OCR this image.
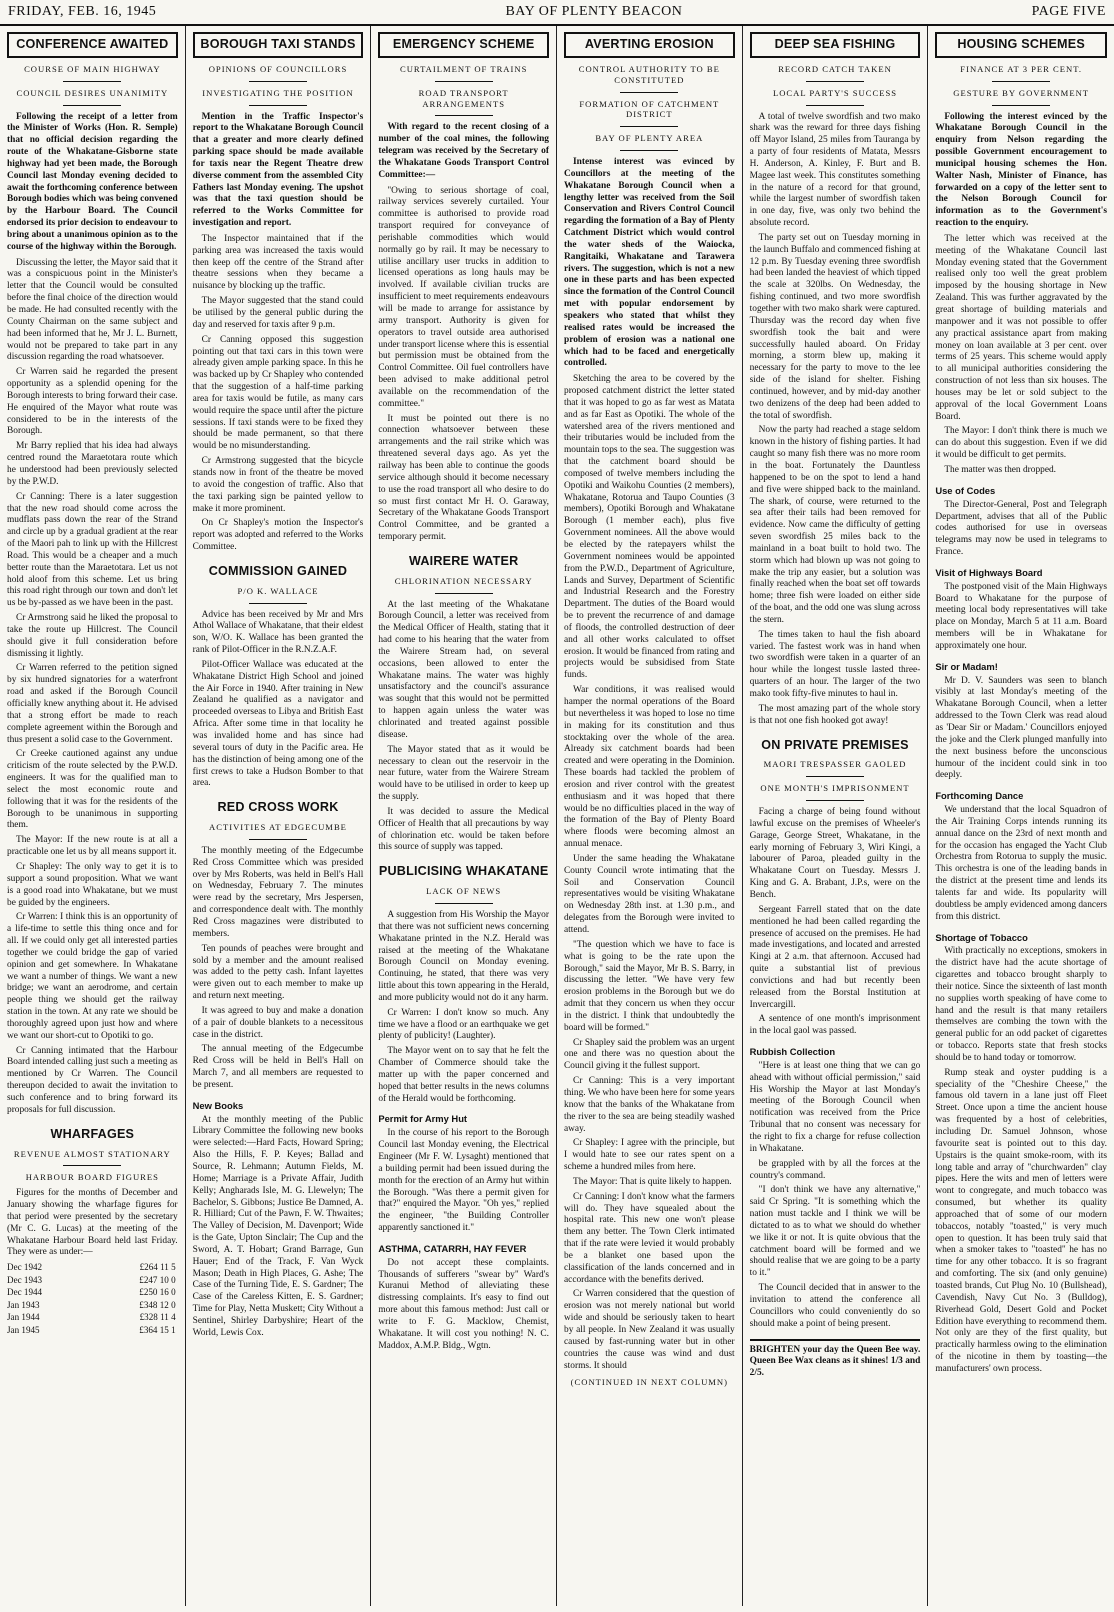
FRIDAY, FEB. 16, 1945	BAY OF PLENTY BEACON	PAGE FIVE
CONFERENCE AWAITED
COURSE OF MAIN HIGHWAY
COUNCIL DESIRES UNANIMITY

Following the receipt of a letter from the Minister of Works (Hon. R. Semple) that no official decision regarding the route of the Whakatane-Gisborne state highway had yet been made, the Borough Council last Monday evening decided to await the forthcoming conference between Borough bodies which was being convened by the Harbour Board. The Council endorsed its prior decision to endeavour to bring about a unanimous opinion as to the course of the highway within the Borough.

Discussing the letter, the Mayor said that it was a conspicuous point in the Minister's letter that the Council would be consulted before the final choice of the direction would be made. He had consulted recently with the County Chairman on the same subject and had been informed that he, Mr J. L. Burnett, would not be prepared to take part in any discussion regarding the road whatsoever.

Cr Warren said he regarded the present opportunity as a splendid opening for the Borough interests to bring forward their case. He enquired of the Mayor what route was considered to be in the interests of the Borough.

Mr Barry replied that his idea had always centred round the Maraetotara route which he understood had been previously selected by the P.W.D.

Cr Canning: There is a later suggestion that the new road should come across the mudflats pass down the rear of the Strand and circle up by a gradual gradient at the rear of the Maori pah to link up with the Hillcrest Road. This would be a cheaper and a much better route than the Maraetotara. Let us not hold aloof from this scheme. Let us bring this road right through our town and don't let us be by-passed as we have been in the past.

Cr Armstrong said he liked the proposal to take the route up Hillcrest. The Council should give it full consideration before dismissing it lightly.

Cr Warren referred to the petition signed by six hundred signatories for a waterfront road and asked if the Borough Council officially knew anything about it. He advised that a strong effort be made to reach complete agreement within the Borough and thus present a solid case to the Government.

Cr Creeke cautioned against any undue criticism of the route selected by the P.W.D. engineers. It was for the qualified man to select the most economic route and following that it was for the residents of the Borough to be unanimous in supporting them.

The Mayor: If the new route is at all a practicable one let us by all means support it.

Cr Shapley: The only way to get it is to support a sound proposition. What we want is a good road into Whakatane, but we must be guided by the engineers.

Cr Warren: I think this is an opportunity of a life-time to settle this thing once and for all. If we could only get all interested parties together we could bridge the gap of varied opinion and get somewhere. In Whakatane we want a number of things. We want a new bridge; we want an aerodrome, and certain people thing we should get the railway station in the town. At any rate we should be thoroughly agreed upon just how and where we want our short-cut to Opotiki to go.

Cr Canning intimated that the Harbour Board intended calling just such a meeting as mentioned by Cr Warren. The Council thereupon decided to await the invitation to such conference and to bring forward its proposals for full discussion.

WHARFAGES
REVENUE ALMOST STATIONARY
HARBOUR BOARD FIGURES

Figures for the months of December and January showing the wharfage figures for that period were presented by the secretary (Mr C. G. Lucas) at the meeting of the Whakatane Harbour Board held last Friday. They were as under:—

Dec 1942	£264 11 5
Dec 1943	£247 10 0
Dec 1944	£250 16 0
Jan 1943	£348 12 0
Jan 1944	£328 11 4
Jan 1945	£364 15 1
BOROUGH TAXI STANDS
OPINIONS OF COUNCILLORS
INVESTIGATING THE POSITION

Mention in the Traffic Inspector's report to the Whakatane Borough Council that a greater and more clearly defined parking space should be made available for taxis near the Regent Theatre drew diverse comment from the assembled City Fathers last Monday evening. The upshot was that the taxi question should be referred to the Works Committee for investigation and report.

The Inspector maintained that if the parking area was increased the taxis would then keep off the centre of the Strand after theatre sessions when they became a nuisance by blocking up the traffic.

The Mayor suggested that the stand could be utilised by the general public during the day and reserved for taxis after 9 p.m.

Cr Canning opposed this suggestion pointing out that taxi cars in this town were already given ample parking space. In this he was backed up by Cr Shapley who contended that the suggestion of a half-time parking area for taxis would be futile, as many cars would require the space until after the picture sessions. If taxi stands were to be fixed they should be made permanent, so that there would be no misunderstanding.

Cr Armstrong suggested that the bicycle stands now in front of the theatre be moved to avoid the congestion of traffic. Also that the taxi parking sign be painted yellow to make it more prominent.

On Cr Shapley's motion the Inspector's report was adopted and referred to the Works Committee.

COMMISSION GAINED
P/O K. WALLACE

Advice has been received by Mr and Mrs Athol Wallace of Whakatane, that their eldest son, W/O. K. Wallace has been granted the rank of Pilot-Officer in the R.N.Z.A.F.

Pilot-Officer Wallace was educated at the Whakatane District High School and joined the Air Force in 1940. After training in New Zealand he qualified as a navigator and proceeded overseas to Libya and British East Africa. After some time in that locality he was invalided home and has since had several tours of duty in the Pacific area. He has the distinction of being among one of the first crews to take a Hudson Bomber to that area.

RED CROSS WORK
ACTIVITIES AT EDGECUMBE

The monthly meeting of the Edgecumbe Red Cross Committee which was presided over by Mrs Roberts, was held in Bell's Hall on Wednesday, February 7. The minutes were read by the secretary, Mrs Jespersen, and correspondence dealt with. The monthly Red Cross magazines were distributed to members.

Ten pounds of peaches were brought and sold by a member and the amount realised was added to the petty cash. Infant layettes were given out to each member to make up and return next meeting.

It was agreed to buy and make a donation of a pair of double blankets to a necessitous case in the district.

The annual meeting of the Edgecumbe Red Cross will be held in Bell's Hall on March 7, and all members are requested to be present.

New Books

At the monthly meeting of the Public Library Committee the following new books were selected:—Hard Facts, Howard Spring; Also the Hills, F. P. Keyes; Ballad and Source, R. Lehmann; Autumn Fields, M. Home; Marriage is a Private Affair, Judith Kelly; Angharads Isle, M. G. Llewelyn; The Bachelor, S. Gibbons; Justice Be Damned, A. R. Hilliard; Cut of the Pawn, F. W. Thwaites; The Valley of Decision, M. Davenport; Wide is the Gate, Upton Sinclair; The Cup and the Sword, A. T. Hobart; Grand Barrage, Gun Hauer; End of the Track, F. Van Wyck Mason; Death in High Places, G. Ashe; The Case of the Turning Tide, E. S. Gardner; The Case of the Careless Kitten, E. S. Gardner; Time for Play, Netta Muskett; City Without a Sentinel, Shirley Darbyshire; Heart of the World, Lewis Cox.

EMERGENCY SCHEME
CURTAILMENT OF TRAINS
ROAD TRANSPORT ARRANGEMENTS

With regard to the recent closing of a number of the coal mines, the following telegram was received by the Secretary of the Whakatane Goods Transport Control Committee:—

"Owing to serious shortage of coal, railway services severely curtailed. Your committee is authorised to provide road transport required for conveyance of perishable commodities which would normally go by rail. It may be necessary to utilise ancillary user trucks in addition to licensed operations as long hauls may be involved. If available civilian trucks are insufficient to meet requirements endeavours will be made to arrange for assistance by army transport. Authority is given for operators to travel outside area authorised under transport license where this is essential but permission must be obtained from the Control Committee. Oil fuel controllers have been advised to make additional petrol available on the recommendation of the committee."

It must be pointed out there is no connection whatsoever between these arrangements and the rail strike which was threatened several days ago. As yet the railway has been able to continue the goods service although should it become necessary to use the road transport all who desire to do so must first contact Mr H. O. Garaway, Secretary of the Whakatane Goods Transport Control Committee, and be granted a temporary permit.

WAIRERE WATER
CHLORINATION NECESSARY

At the last meeting of the Whakatane Borough Council, a letter was received from the Medical Officer of Health, stating that it had come to his hearing that the water from the Wairere Stream had, on several occasions, been allowed to enter the Whakatane mains. The water was highly unsatisfactory and the council's assurance was sought that this would not be permitted to happen again unless the water was chlorinated and treated against possible disease.

The Mayor stated that as it would be necessary to clean out the reservoir in the near future, water from the Wairere Stream would have to be utilised in order to keep up the supply.

It was decided to assure the Medical Officer of Health that all precautions by way of chlorination etc. would be taken before this source of supply was tapped.

PUBLICISING WHAKATANE
LACK OF NEWS

A suggestion from His Worship the Mayor that there was not sufficient news concerning Whakatane printed in the N.Z. Herald was raised at the meeting of the Whakatane Borough Council on Monday evening. Continuing, he stated, that there was very little about this town appearing in the Herald, and more publicity would not do it any harm.

Cr Warren: I don't know so much. Any time we have a flood or an earthquake we get plenty of publicity! (Laughter).

The Mayor went on to say that he felt the Chamber of Commerce should take the matter up with the paper concerned and hoped that better results in the news columns of the Herald would be forthcoming.

Permit for Army Hut

In the course of his report to the Borough Council last Monday evening, the Electrical Engineer (Mr F. W. Lysaght) mentioned that a building permit had been issued during the month for the erection of an Army hut within the Borough. "Was there a permit given for that?" enquired the Mayor. "Oh yes," replied the engineer, "the Building Controller apparently sanctioned it."

ASTHMA, CATARRH, HAY FEVER

Do not accept these complaints. Thousands of sufferers "swear by" Ward's Kuranui Method of alleviating these distressing complaints. It's easy to find out more about this famous method: Just call or write to F. G. Macklow, Chemist, Whakatane. It will cost you nothing! N. C. Maddox, A.M.P. Bldg., Wgtn.

AVERTING EROSION
CONTROL AUTHORITY TO BE CONSTITUTED
FORMATION OF CATCHMENT DISTRICT
BAY OF PLENTY AREA

Intense interest was evinced by Councillors at the meeting of the Whakatane Borough Council when a lengthy letter was received from the Soil Conservation and Rivers Control Council regarding the formation of a Bay of Plenty Catchment District which would control the water sheds of the Waiocka, Rangitaiki, Whakatane and Tarawera rivers. The suggestion, which is not a new one in these parts and has been expected since the formation of the Control Council met with popular endorsement by speakers who stated that whilst they realised rates would be increased the problem of erosion was a national one which had to be faced and energetically controlled.

Sketching the area to be covered by the proposed catchment district the letter stated that it was hoped to go as far west as Matata and as far East as Opotiki. The whole of the watershed area of the rivers mentioned and their tributaries would be included from the mountain tops to the sea. The suggestion was that the catchment board should be composed of twelve members including the Opotiki and Waikohu Counties (2 members), Whakatane, Rotorua and Taupo Counties (3 members), Opotiki Borough and Whakatane Borough (1 member each), plus five Government nominees. All the above would be elected by the ratepayers whilst the Government nominees would be appointed from the P.W.D., Department of Agriculture, Lands and Survey, Department of Scientific and Industrial Research and the Forestry Department. The duties of the Board would be to prevent the recurrence of and damage of floods, the controlled destruction of deer and all other works calculated to offset erosion. It would be financed from rating and projects would be subsidised from State funds.

War conditions, it was realised would hamper the normal operations of the Board but nevertheless it was hoped to lose no time in making for its constitution and thus stocktaking over the whole of the area. Already six catchment boards had been created and were operating in the Dominion. These boards had tackled the problem of erosion and river control with the greatest enthusiasm and it was hoped that there would be no difficulties placed in the way of the formation of the Bay of Plenty Board where floods were becoming almost an annual menace.

Under the same heading the Whakatane County Council wrote intimating that the Soil and Conservation Council representatives would be visiting Whakatane on Wednesday 28th inst. at 1.30 p.m., and delegates from the Borough were invited to attend.

"The question which we have to face is what is going to be the rate upon the Borough," said the Mayor, Mr B. S. Barry, in discussing the letter. "We have very few erosion problems in the Borough but we do admit that they concern us when they occur in the district. I think that undoubtedly the board will be formed."

Cr Shapley said the problem was an urgent one and there was no question about the Council giving it the fullest support.

Cr Canning: This is a very important thing. We who have been here for some years know that the banks of the Whakatane from the river to the sea are being steadily washed away.

Cr Shapley: I agree with the principle, but I would hate to see our rates spent on a scheme a hundred miles from here.

The Mayor: That is quite likely to happen.

Cr Canning: I don't know what the farmers will do. They have squealed about the hospital rate. This new one won't please them any better. The Town Clerk intimated that if the rate were levied it would probably be a blanket one based upon the classification of the lands concerned and in accordance with the benefits derived.

Cr Warren considered that the question of erosion was not merely national but world wide and should be seriously taken to heart by all people. In New Zealand it was usually caused by fast-running water but in other countries the cause was wind and dust storms. It should

(CONTINUED IN NEXT COLUMN)
DEEP SEA FISHING
RECORD CATCH TAKEN
LOCAL PARTY'S SUCCESS

A total of twelve swordfish and two mako shark was the reward for three days fishing off Mayor Island, 25 miles from Tauranga by a party of four residents of Matata, Messrs H. Anderson, A. Kinley, F. Burt and B. Magee last week. This constitutes something in the nature of a record for that ground, while the largest number of swordfish taken in one day, five, was only two behind the absolute record.

The party set out on Tuesday morning in the launch Buffalo and commenced fishing at 12 p.m. By Tuesday evening three swordfish had been landed the heaviest of which tipped the scale at 320lbs. On Wednesday, the fishing continued, and two more swordfish together with two mako shark were captured. Thursday was the record day when five swordfish took the bait and were successfully hauled aboard. On Friday morning, a storm blew up, making it necessary for the party to move to the lee side of the island for shelter. Fishing continued, however, and by mid-day another two denizens of the deep had been added to the total of swordfish.

Now the party had reached a stage seldom known in the history of fishing parties. It had caught so many fish there was no more room in the boat. Fortunately the Dauntless happened to be on the spot to lend a hand and five were shipped back to the mainland. The shark, of course, were returned to the sea after their tails had been removed for evidence. Now came the difficulty of getting seven swordfish 25 miles back to the mainland in a boat built to hold two. The storm which had blown up was not going to make the trip any easier, but a solution was finally reached when the boat set off towards home; three fish were loaded on either side of the boat, and the odd one was slung across the stern.

The times taken to haul the fish aboard varied. The fastest work was in hand when two swordfish were taken in a quarter of an hour while the longest tussle lasted three-quarters of an hour. The larger of the two mako took fifty-five minutes to haul in.

The most amazing part of the whole story is that not one fish hooked got away!

ON PRIVATE PREMISES
MAORI TRESPASSER GAOLED
ONE MONTH'S IMPRISONMENT

Facing a charge of being found without lawful excuse on the premises of Wheeler's Garage, George Street, Whakatane, in the early morning of February 3, Wiri Kingi, a labourer of Paroa, pleaded guilty in the Whakatane Court on Tuesday. Messrs J. King and G. A. Brabant, J.P.s, were on the Bench.

Sergeant Farrell stated that on the date mentioned he had been called regarding the presence of accused on the premises. He had made investigations, and located and arrested Kingi at 2 a.m. that afternoon. Accused had quite a substantial list of previous convictions and had but recently been released from the Borstal Institution at Invercargill.

A sentence of one month's imprisonment in the local gaol was passed.

Rubbish Collection

"Here is at least one thing that we can go ahead with without official permission," said His Worship the Mayor at last Monday's meeting of the Borough Council when notification was received from the Price Tribunal that no consent was necessary for the right to fix a charge for refuse collection in Whakatane.

be grappled with by all the forces at the country's command.

"I don't think we have any alternative," said Cr Spring. "It is something which the nation must tackle and I think we will be dictated to as to what we should do whether we like it or not. It is quite obvious that the catchment board will be formed and we should realise that we are going to be a party to it."

The Council decided that in answer to the invitation to attend the conference all Councillors who could conveniently do so should make a point of being present.

BRIGHTEN your day the Queen Bee way. Queen Bee Wax cleans as it shines! 1/3 and 2/5.
HOUSING SCHEMES
FINANCE AT 3 PER CENT.
GESTURE BY GOVERNMENT

Following the interest evinced by the Whakatane Borough Council in the enquiry from Nelson regarding the possible Government encouragement to municipal housing schemes the Hon. Walter Nash, Minister of Finance, has forwarded on a copy of the letter sent to the Nelson Borough Council for information as to the Government's reaction to the enquiry.

The letter which was received at the meeting of the Whakatane Council last Monday evening stated that the Government realised only too well the great problem imposed by the housing shortage in New Zealand. This was further aggravated by the great shortage of building materials and manpower and it was not possible to offer any practical assistance apart from making money on loan available at 3 per cent. over terms of 25 years. This scheme would apply to all municipal authorities considering the construction of not less than six houses. The houses may be let or sold subject to the approval of the local Government Loans Board.

The Mayor: I don't think there is much we can do about this suggestion. Even if we did it would be difficult to get permits.

The matter was then dropped.

Use of Codes

The Director-General, Post and Telegraph Department, advises that all of the Public codes authorised for use in overseas telegrams may now be used in telegrams to France.

Visit of Highways Board

The postponed visit of the Main Highways Board to Whakatane for the purpose of meeting local body representatives will take place on Monday, March 5 at 11 a.m. Board members will be in Whakatane for approximately one hour.

Sir or Madam!

Mr D. V. Saunders was seen to blanch visibly at last Monday's meeting of the Whakatane Borough Council, when a letter addressed to the Town Clerk was read aloud as 'Dear Sir or Madam.' Councillors enjoyed the joke and the Clerk plunged manfully into the next business before the unconscious humour of the incident could sink in too deeply.

Forthcoming Dance

We understand that the local Squadron of the Air Training Corps intends running its annual dance on the 23rd of next month and for the occasion has engaged the Yacht Club Orchestra from Rotorua to supply the music. This orchestra is one of the leading bands in the district at the present time and lends its talents far and wide. Its popularity will doubtless be amply evidenced among dancers from this district.

Shortage of Tobacco

With practically no exceptions, smokers in the district have had the acute shortage of cigarettes and tobacco brought sharply to their notice. Since the sixteenth of last month no supplies worth speaking of have come to hand and the result is that many retailers themselves are combing the town with the general public for an odd packet of cigarettes or tobacco. Reports state that fresh stocks should be to hand today or tomorrow.

Rump steak and oyster pudding is a speciality of the "Cheshire Cheese," the famous old tavern in a lane just off Fleet Street. Once upon a time the ancient house was frequented by a host of celebrities, including Dr. Samuel Johnson, whose favourite seat is pointed out to this day. Upstairs is the quaint smoke-room, with its long table and array of "churchwarden" clay pipes. Here the wits and men of letters were wont to congregate, and much tobacco was consumed, but whether its quality approached that of some of our modern tobaccos, notably "toasted," is very much open to question. It has been truly said that when a smoker takes to "toasted" he has no time for any other tobacco. It is so fragrant and comforting. The six (and only genuine) toasted brands, Cut Plug No. 10 (Bullshead), Cavendish, Navy Cut No. 3 (Bulldog), Riverhead Gold, Desert Gold and Pocket Edition have everything to recommend them. Not only are they of the first quality, but practically harmless owing to the elimination of the nicotine in them by toasting—the manufacturers' own process.
